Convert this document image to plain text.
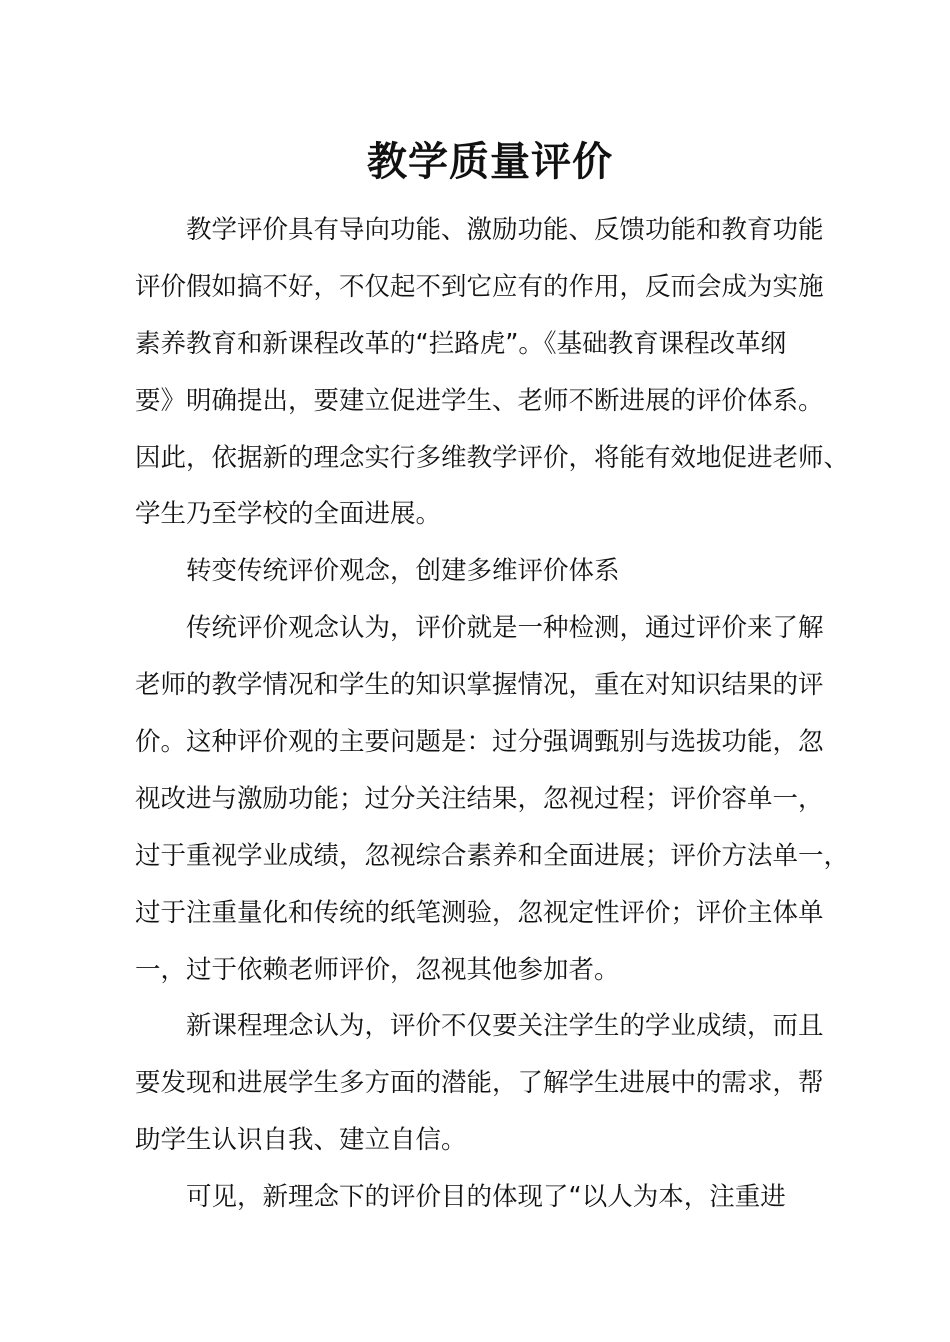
教学质量评价
教学评价具有导向功能、激励功能、反馈功能和教育功能
评价假如搞不好，不仅起不到它应有的作用，反而会成为实施
素养教育和新课程改革的“拦路虎”。《基础教育课程改革纲
要》明确提出，要建立促进学生、老师不断进展的评价体系。
因此，依据新的理念实行多维教学评价，将能有效地促进老师、
学生乃至学校的全面进展。
转变传统评价观念，创建多维评价体系
传统评价观念认为，评价就是一种检测，通过评价来了解
老师的教学情况和学生的知识掌握情况，重在对知识结果的评
价。这种评价观的主要问题是：过分强调甄别与选拔功能，忽
视改进与激励功能；过分关注结果，忽视过程；评价容单一，
过于重视学业成绩，忽视综合素养和全面进展；评价方法单一，
过于注重量化和传统的纸笔测验，忽视定性评价；评价主体单
一，过于依赖老师评价，忽视其他参加者。
新课程理念认为，评价不仅要关注学生的学业成绩，而且
要发现和进展学生多方面的潜能，了解学生进展中的需求，帮
助学生认识自我、建立自信。
可见，新理念下的评价目的体现了“以人为本，注重进
